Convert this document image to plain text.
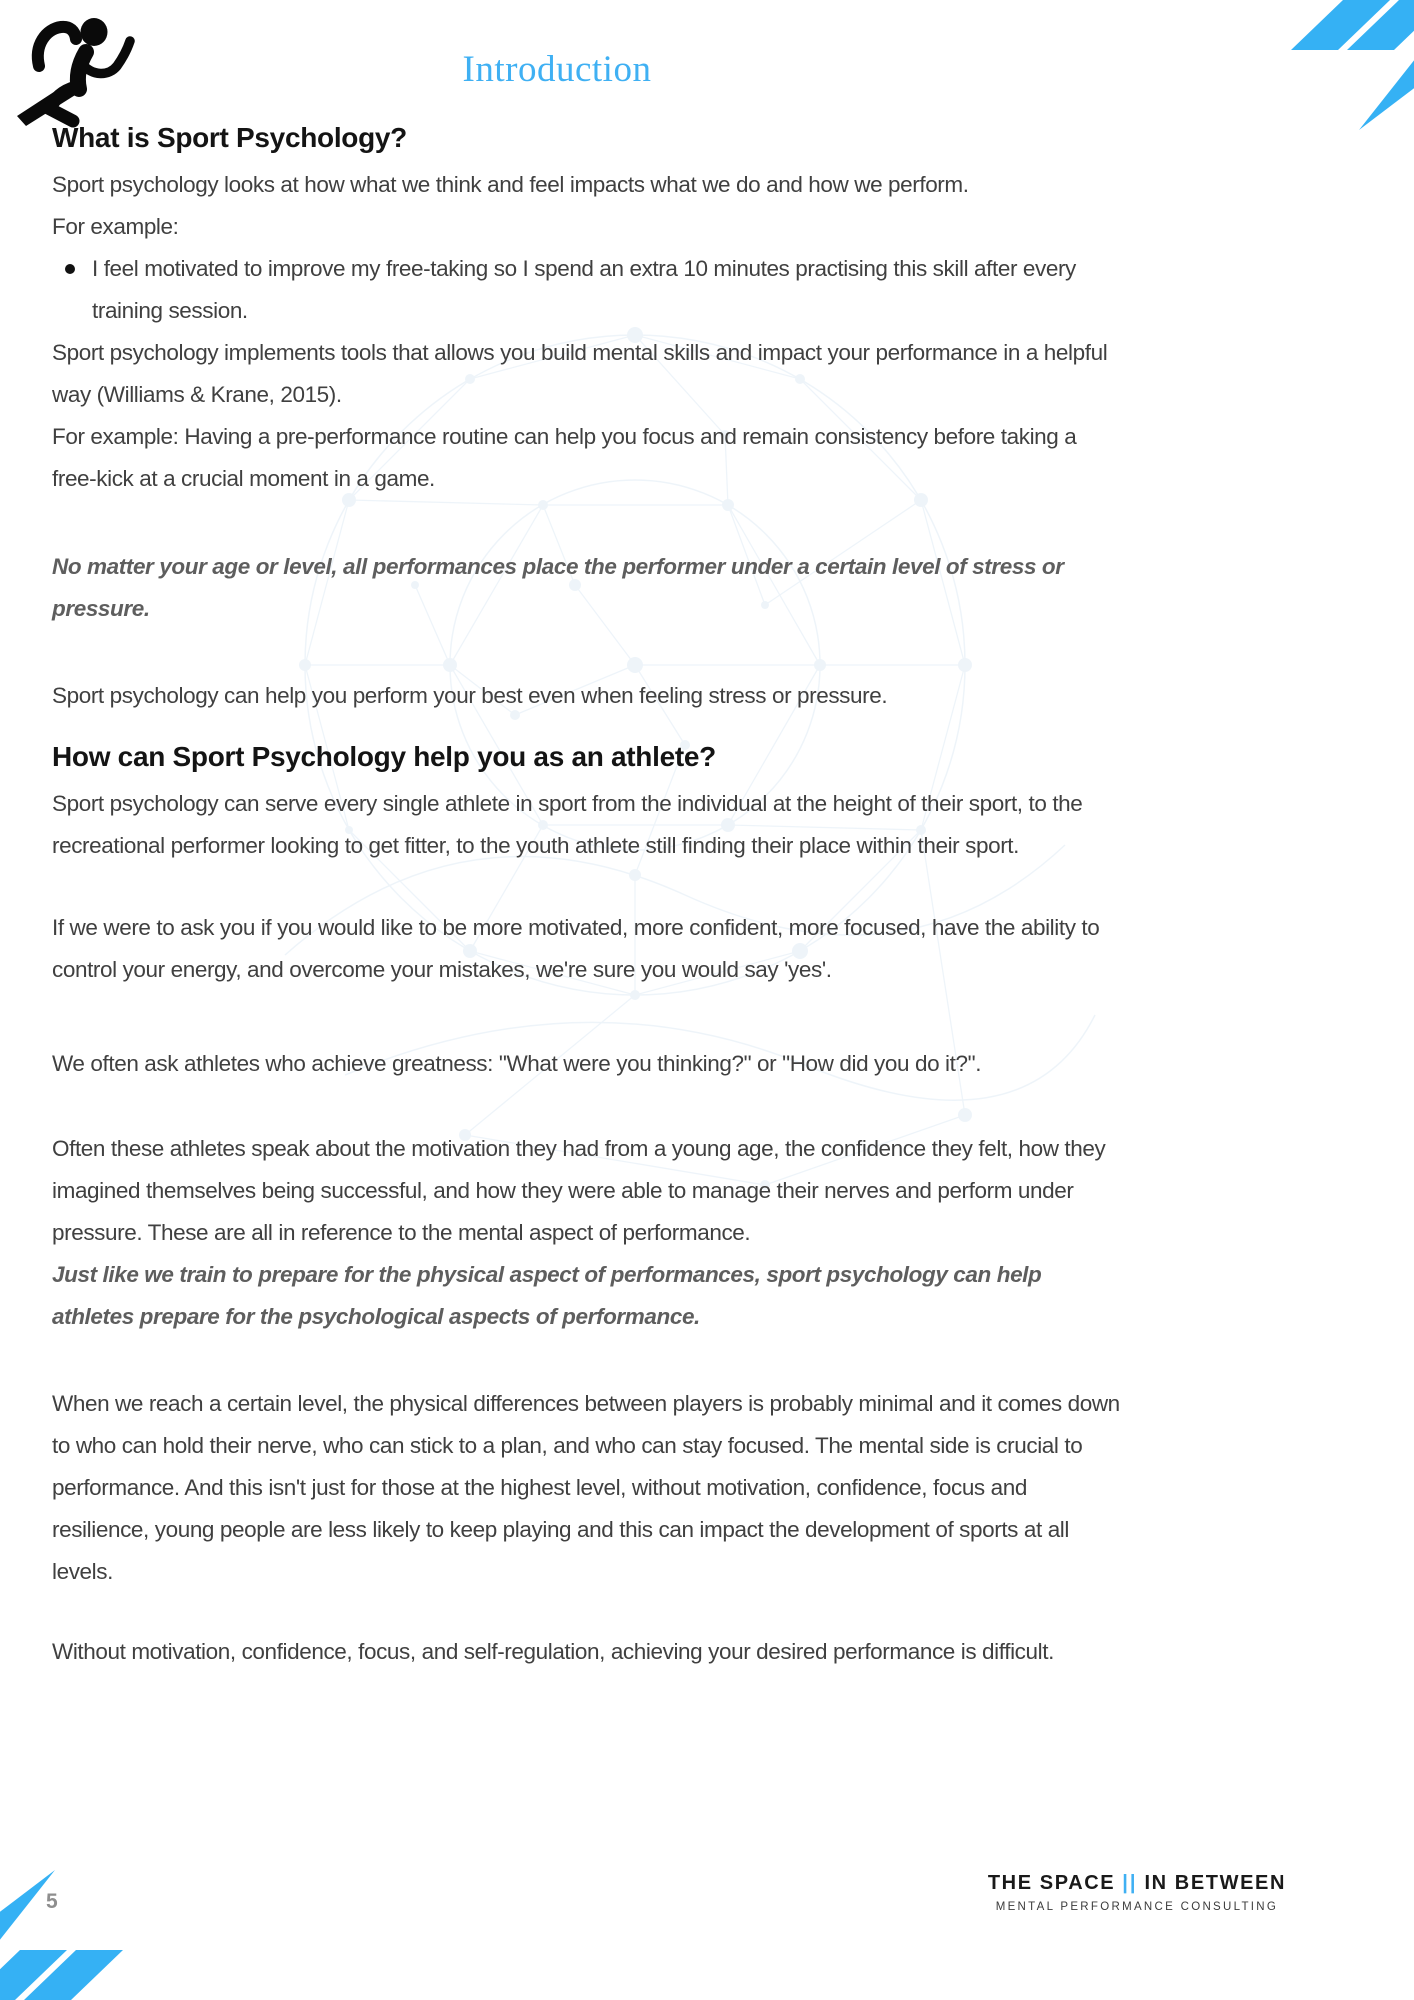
Introduction
What is Sport Psychology?
Sport psychology looks at how what we think and feel impacts what we do and how we perform.
For example:
I feel motivated to improve my free-taking so I spend an extra 10 minutes practising this skill after every training session.
Sport psychology implements tools that allows you build mental skills and impact your performance in a helpful way (Williams & Krane, 2015).
For example: Having a pre-performance routine can help you focus and remain consistency before taking a free-kick at a crucial moment in a game.
No matter your age or level, all performances place the performer under a certain level of stress or pressure.
Sport psychology can help you perform your best even when feeling stress or pressure.
How can Sport Psychology help you as an athlete?
Sport psychology can serve every single athlete in sport from the individual at the height of their sport, to the recreational performer looking to get fitter, to the youth athlete still finding their place within their sport.
If we were to ask you if you would like to be more motivated, more confident, more focused, have the ability to control your energy, and overcome your mistakes, we're sure you would say 'yes'.
We often ask athletes who achieve greatness: "What were you thinking?" or "How did you do it?".
Often these athletes speak about the motivation they had from a young age, the confidence they felt, how they imagined themselves being successful, and how they were able to manage their nerves and perform under pressure. These are all in reference to the mental aspect of performance.
Just like we train to prepare for the physical aspect of performances, sport psychology can help athletes prepare for the psychological aspects of performance.
When we reach a certain level, the physical differences between players is probably minimal and it comes down to who can hold their nerve, who can stick to a plan, and who can stay focused. The mental side is crucial to performance. And this isn't just for those at the highest level, without motivation, confidence, focus and resilience, young people are less likely to keep playing and this can impact the development of sports at all levels.
Without motivation, confidence, focus, and self-regulation, achieving your desired performance is difficult.
5
THE SPACE || IN BETWEEN
MENTAL PERFORMANCE CONSULTING
